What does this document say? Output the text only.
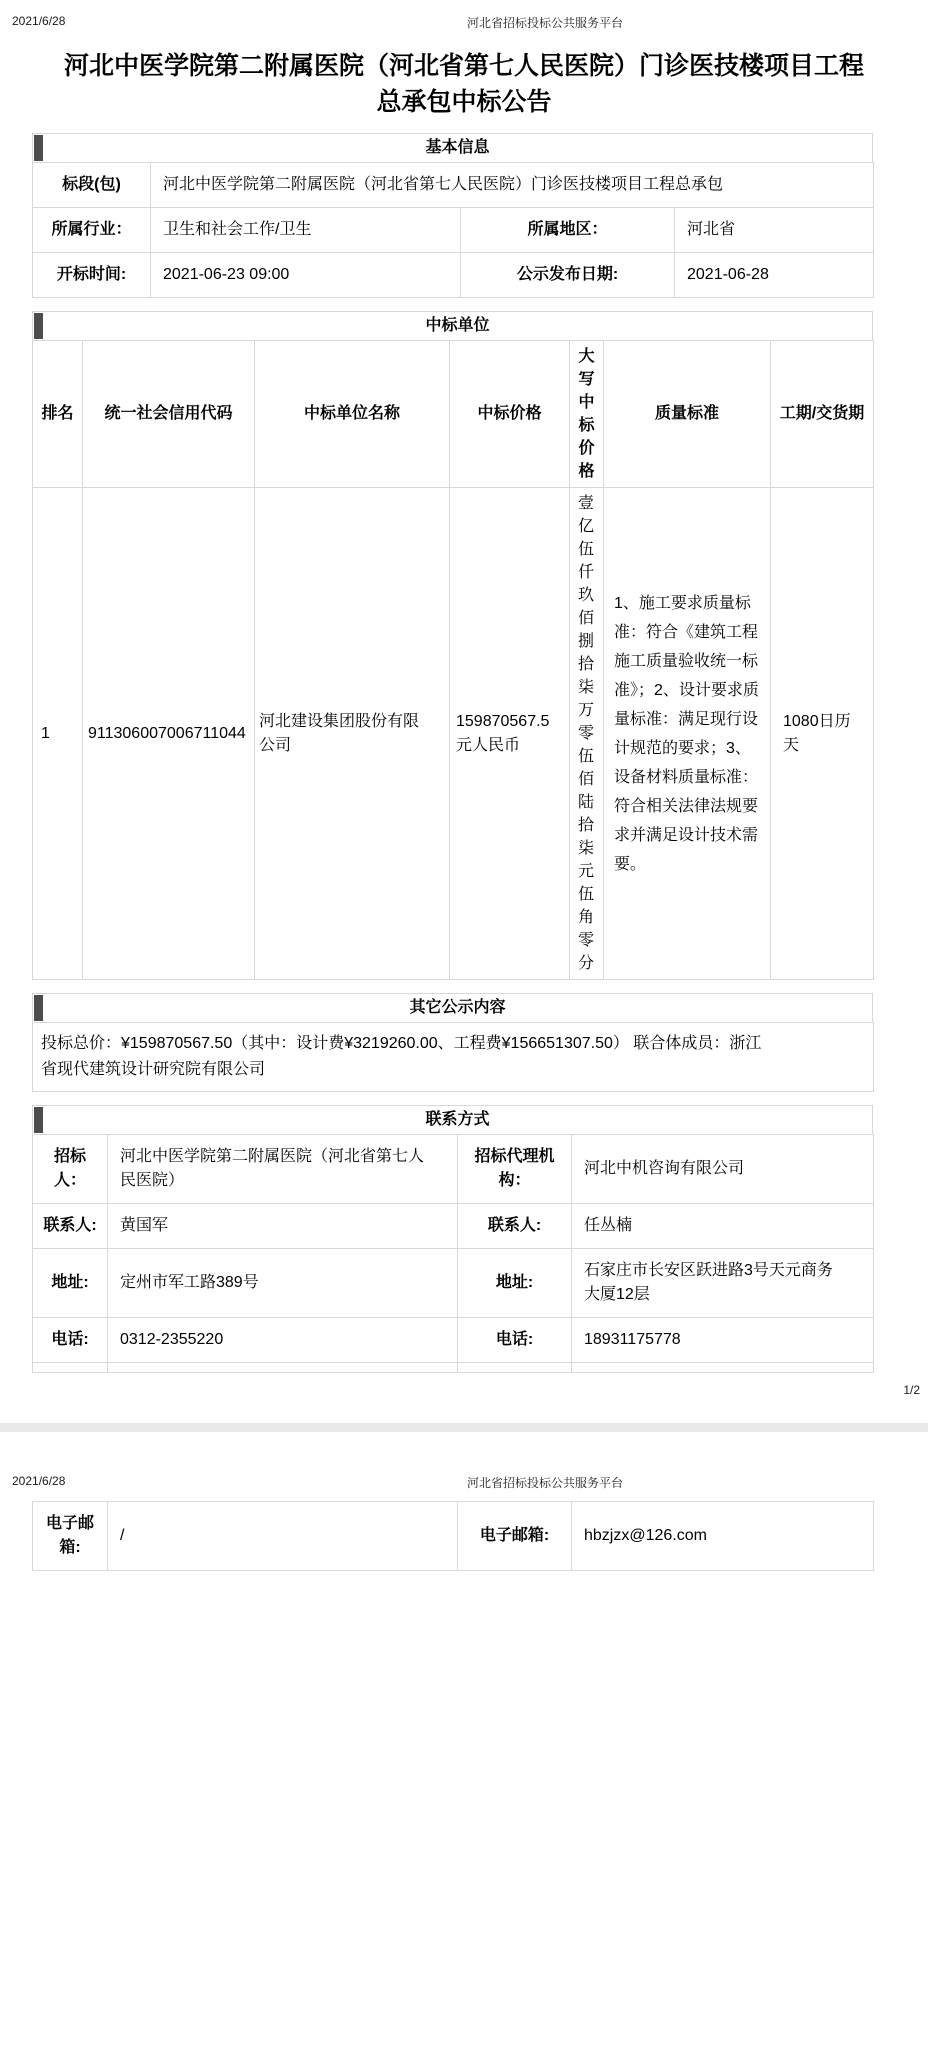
2021/6/28	河北省招标投标公共服务平台
河北中医学院第二附属医院（河北省第七人民医院）门诊医技楼项目工程总承包中标公告
基本信息
标段(包)	河北中医学院第二附属医院（河北省第七人民医院）门诊医技楼项目工程总承包		
所属行业：	卫生和社会工作/卫生	所属地区：	河北省
开标时间:	2021-06-23 09:00	公示发布日期:	2021-06-28
中标单位
排名	统一社会信用代码	中标单位名称	中标价格	大写中标价格	质量标准	工期/交货期
1	911306007006711044	河北建设集团股份有限公司	159870567.5元人民币	壹亿伍仟玖佰捌拾柒万零伍佰陆拾柒元伍角零分	1、施工要求质量标准：符合《建筑工程施工质量验收统一标准》；2、设计要求质量标准：满足现行设计规范的要求；3、设备材料质量标准：符合相关法律法规要求并满足设计技术需要。	1080日历天
其它公示内容
投标总价：¥159870567.50（其中：设计费¥3219260.00、工程费¥156651307.50） 联合体成员：浙江省现代建筑设计研究院有限公司
联系方式
招标人：	河北中医学院第二附属医院（河北省第七人民医院）	招标代理机构：	河北中机咨询有限公司
联系人:	黄国军	联系人:	任丛楠
地址:	定州市军工路389号	地址:	石家庄市长安区跃进路3号天元商务大厦12层
电话:	0312-2355220	电话:	18931175778

1/2
2021/6/28	河北省招标投标公共服务平台
电子邮箱:	/	电子邮箱:	hbzjzx@126.com
